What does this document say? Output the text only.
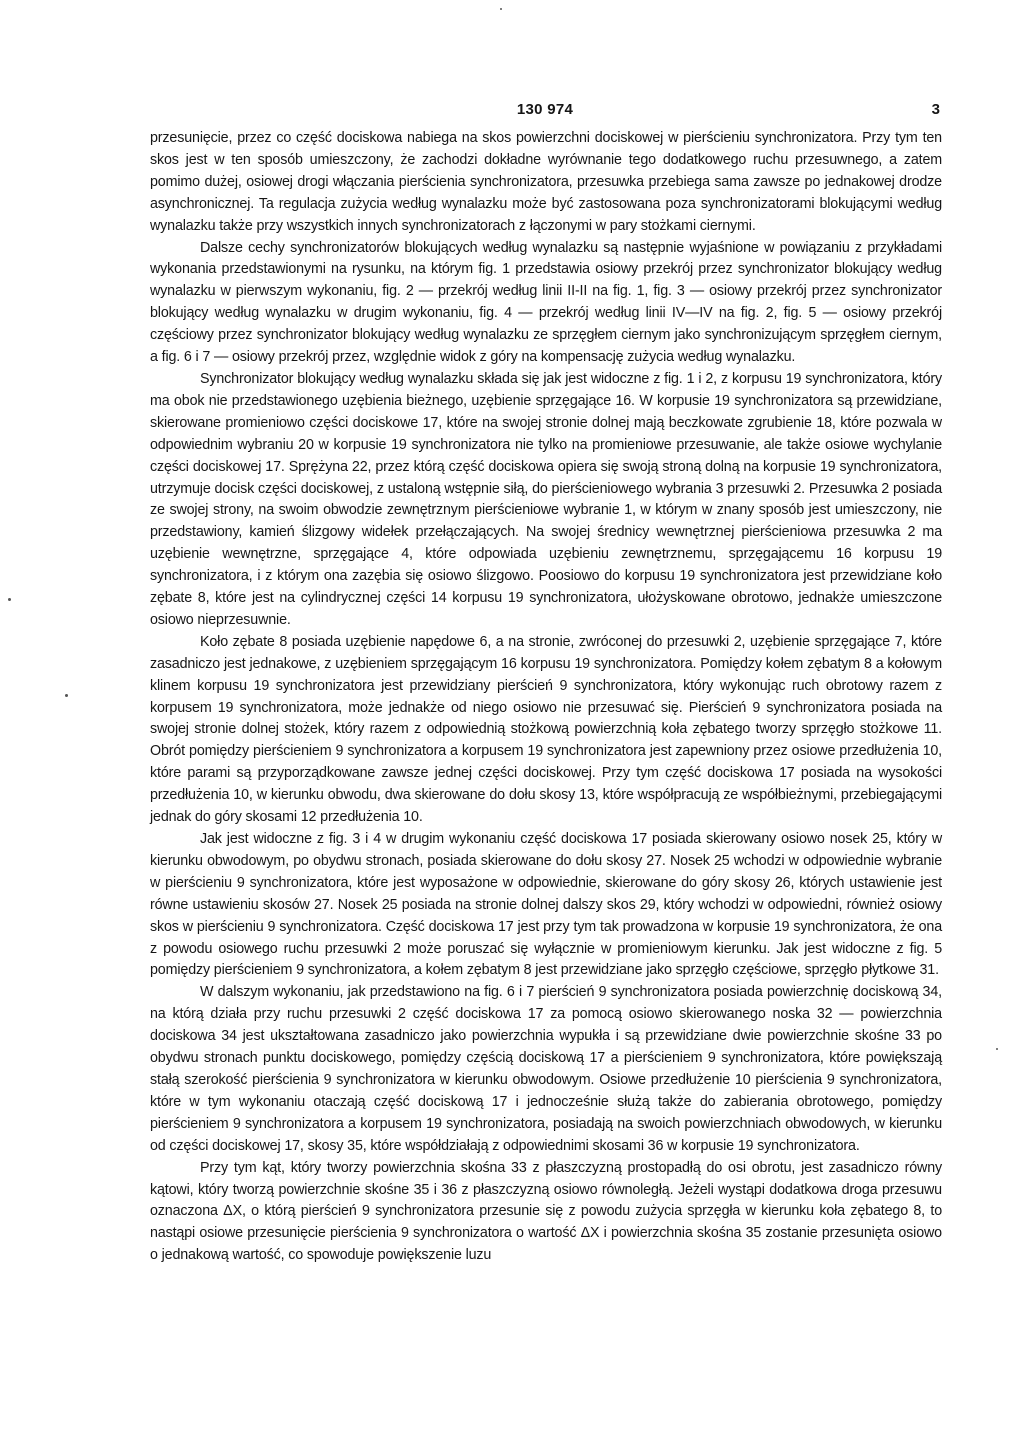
130 974	3

przesunięcie, przez co część dociskowa nabiega na skos powierzchni dociskowej w pierścieniu synchronizatora. Przy tym ten skos jest w ten sposób umieszczony, że zachodzi dokładne wyrównanie tego dodatkowego ruchu przesuwnego, a zatem pomimo dużej, osiowej drogi włączania pierścienia synchronizatora, przesuwka przebiega sama zawsze po jednakowej drodze asynchronicznej. Ta regulacja zużycia według wynalazku może być zastosowana poza synchronizatorami blokującymi według wynalazku także przy wszystkich innych synchronizatorach z łączonymi w pary stożkami ciernymi.

Dalsze cechy synchronizatorów blokujących według wynalazku są następnie wyjaśnione w powiązaniu z przykładami wykonania przedstawionymi na rysunku, na którym fig. 1 przedstawia osiowy przekrój przez synchronizator blokujący według wynalazku w pierwszym wykonaniu, fig. 2 — przekrój według linii II-II na fig. 1, fig. 3 — osiowy przekrój przez synchronizator blokujący według wynalazku w drugim wykonaniu, fig. 4 — przekrój według linii IV—IV na fig. 2, fig. 5 — osiowy przekrój częściowy przez synchronizator blokujący według wynalazku ze sprzęgłem ciernym jako synchronizującym sprzęgłem ciernym, a fig. 6 i 7 — osiowy przekrój przez, względnie widok z góry na kompensację zużycia według wynalazku.

Synchronizator blokujący według wynalazku składa się jak jest widoczne z fig. 1 i 2, z korpusu 19 synchronizatora, który ma obok nie przedstawionego uzębienia bieżnego, uzębienie sprzęgające 16. W korpusie 19 synchronizatora są przewidziane, skierowane promieniowo części dociskowe 17, które na swojej stronie dolnej mają beczkowate zgrubienie 18, które pozwala w odpowiednim wybraniu 20 w korpusie 19 synchronizatora nie tylko na promieniowe przesuwanie, ale także osiowe wychylanie części dociskowej 17. Sprężyna 22, przez którą część dociskowa opiera się swoją stroną dolną na korpusie 19 synchronizatora, utrzymuje docisk części dociskowej, z ustaloną wstępnie siłą, do pierścieniowego wybrania 3 przesuwki 2. Przesuwka 2 posiada ze swojej strony, na swoim obwodzie zewnętrznym pierścieniowe wybranie 1, w którym w znany sposób jest umieszczony, nie przedstawiony, kamień ślizgowy widełek przełączających. Na swojej średnicy wewnętrznej pierścieniowa przesuwka 2 ma uzębienie wewnętrzne, sprzęgające 4, które odpowiada uzębieniu zewnętrznemu, sprzęgającemu 16 korpusu 19 synchronizatora, i z którym ona zazębia się osiowo ślizgowo. Poosiowo do korpusu 19 synchronizatora jest przewidziane koło zębate 8, które jest na cylindrycznej części 14 korpusu 19 synchronizatora, ułożyskowane obrotowo, jednakże umieszczone osiowo nieprzesuwnie.

Koło zębate 8 posiada uzębienie napędowe 6, a na stronie, zwróconej do przesuwki 2, uzębienie sprzęgające 7, które zasadniczo jest jednakowe, z uzębieniem sprzęgającym 16 korpusu 19 synchronizatora. Pomiędzy kołem zębatym 8 a kołowym klinem korpusu 19 synchronizatora jest przewidziany pierścień 9 synchronizatora, który wykonując ruch obrotowy razem z korpusem 19 synchronizatora, może jednakże od niego osiowo nie przesuwać się. Pierścień 9 synchronizatora posiada na swojej stronie dolnej stożek, który razem z odpowiednią stożkową powierzchnią koła zębatego tworzy sprzęgło stożkowe 11. Obrót pomiędzy pierścieniem 9 synchronizatora a korpusem 19 synchronizatora jest zapewniony przez osiowe przedłużenia 10, które parami są przyporządkowane zawsze jednej części dociskowej. Przy tym część dociskowa 17 posiada na wysokości przedłużenia 10, w kierunku obwodu, dwa skierowane do dołu skosy 13, które współpracują ze współbieżnymi, przebiegającymi jednak do góry skosami 12 przedłużenia 10.

Jak jest widoczne z fig. 3 i 4 w drugim wykonaniu część dociskowa 17 posiada skierowany osiowo nosek 25, który w kierunku obwodowym, po obydwu stronach, posiada skierowane do dołu skosy 27. Nosek 25 wchodzi w odpowiednie wybranie w pierścieniu 9 synchronizatora, które jest wyposażone w odpowiednie, skierowane do góry skosy 26, których ustawienie jest równe ustawieniu skosów 27. Nosek 25 posiada na stronie dolnej dalszy skos 29, który wchodzi w odpowiedni, również osiowy skos w pierścieniu 9 synchronizatora. Część dociskowa 17 jest przy tym tak prowadzona w korpusie 19 synchronizatora, że ona z powodu osiowego ruchu przesuwki 2 może poruszać się wyłącznie w promieniowym kierunku. Jak jest widoczne z fig. 5 pomiędzy pierścieniem 9 synchronizatora, a kołem zębatym 8 jest przewidziane jako sprzęgło częściowe, sprzęgło płytkowe 31.

W dalszym wykonaniu, jak przedstawiono na fig. 6 i 7 pierścień 9 synchronizatora posiada powierzchnię dociskową 34, na którą działa przy ruchu przesuwki 2 część dociskowa 17 za pomocą osiowo skierowanego noska 32 — powierzchnia dociskowa 34 jest ukształtowana zasadniczo jako powierzchnia wypukła i są przewidziane dwie powierzchnie skośne 33 po obydwu stronach punktu dociskowego, pomiędzy częścią dociskową 17 a pierścieniem 9 synchronizatora, które powiększają stałą szerokość pierścienia 9 synchronizatora w kierunku obwodowym. Osiowe przedłużenie 10 pierścienia 9 synchronizatora, które w tym wykonaniu otaczają część dociskową 17 i jednocześnie służą także do zabierania obrotowego, pomiędzy pierścieniem 9 synchronizatora a korpusem 19 synchronizatora, posiadają na swoich powierzchniach obwodowych, w kierunku od części dociskowej 17, skosy 35, które współdziałają z odpowiednimi skosami 36 w korpusie 19 synchronizatora.

Przy tym kąt, który tworzy powierzchnia skośna 33 z płaszczyzną prostopadłą do osi obrotu, jest zasadniczo równy kątowi, który tworzą powierzchnie skośne 35 i 36 z płaszczyzną osiowo równoległą. Jeżeli wystąpi dodatkowa droga przesuwu oznaczona ΔX, o którą pierścień 9 synchronizatora przesunie się z powodu zużycia sprzęgła w kierunku koła zębatego 8, to nastąpi osiowe przesunięcie pierścienia 9 synchronizatora o wartość ΔX i powierzchnia skośna 35 zostanie przesunięta osiowo o jednakową wartość, co spowoduje powiększenie luzu
